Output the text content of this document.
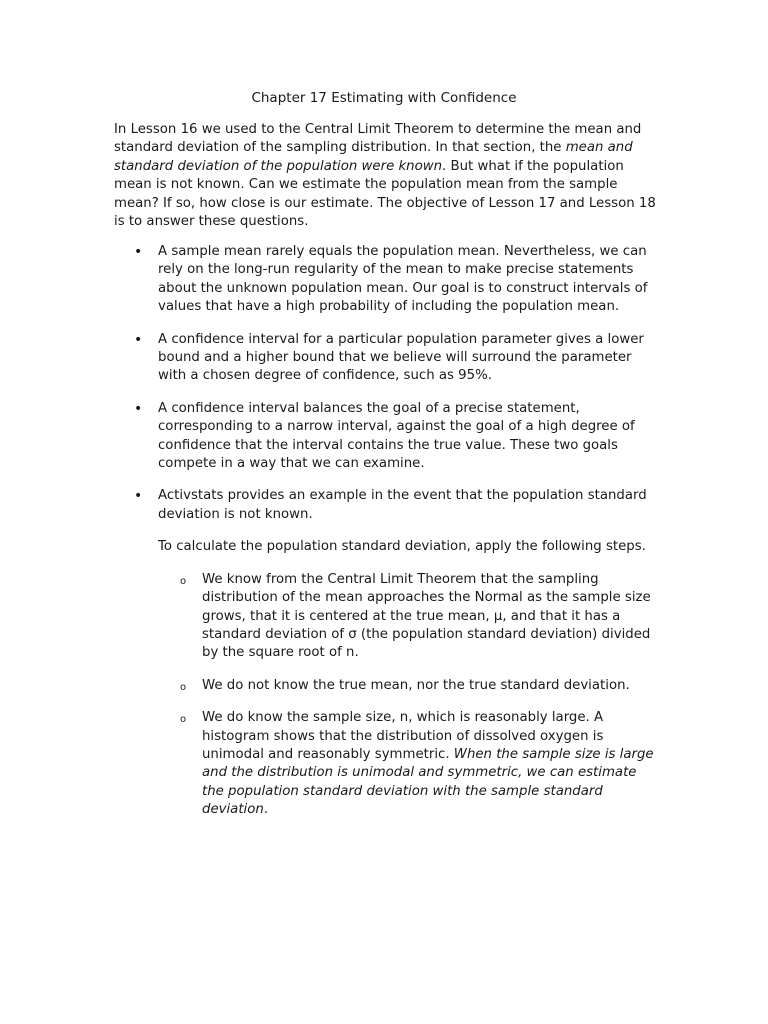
Chapter 17 Estimating with Confidence

In Lesson 16 we used to the Central Limit Theorem to determine the mean and standard deviation of the sampling distribution. In that section, the mean and standard deviation of the population were known. But what if the population mean is not known. Can we estimate the population mean from the sample mean? If so, how close is our estimate. The objective of Lesson 17 and Lesson 18 is to answer these questions.

• A sample mean rarely equals the population mean. Nevertheless, we can rely on the long-run regularity of the mean to make precise statements about the unknown population mean. Our goal is to construct intervals of values that have a high probability of including the population mean.
• A confidence interval for a particular population parameter gives a lower bound and a higher bound that we believe will surround the parameter with a chosen degree of confidence, such as 95%.
• A confidence interval balances the goal of a precise statement, corresponding to a narrow interval, against the goal of a high degree of confidence that the interval contains the true value. These two goals compete in a way that we can examine.
• Activstats provides an example in the event that the population standard deviation is not known.
To calculate the population standard deviation, apply the following steps.
o We know from the Central Limit Theorem that the sampling distribution of the mean approaches the Normal as the sample size grows, that it is centered at the true mean, μ, and that it has a standard deviation of σ (the population standard deviation) divided by the square root of n.
o We do not know the true mean, nor the true standard deviation.
o We do know the sample size, n, which is reasonably large. A histogram shows that the distribution of dissolved oxygen is unimodal and reasonably symmetric. When the sample size is large and the distribution is unimodal and symmetric, we can estimate the population standard deviation with the sample standard deviation.
